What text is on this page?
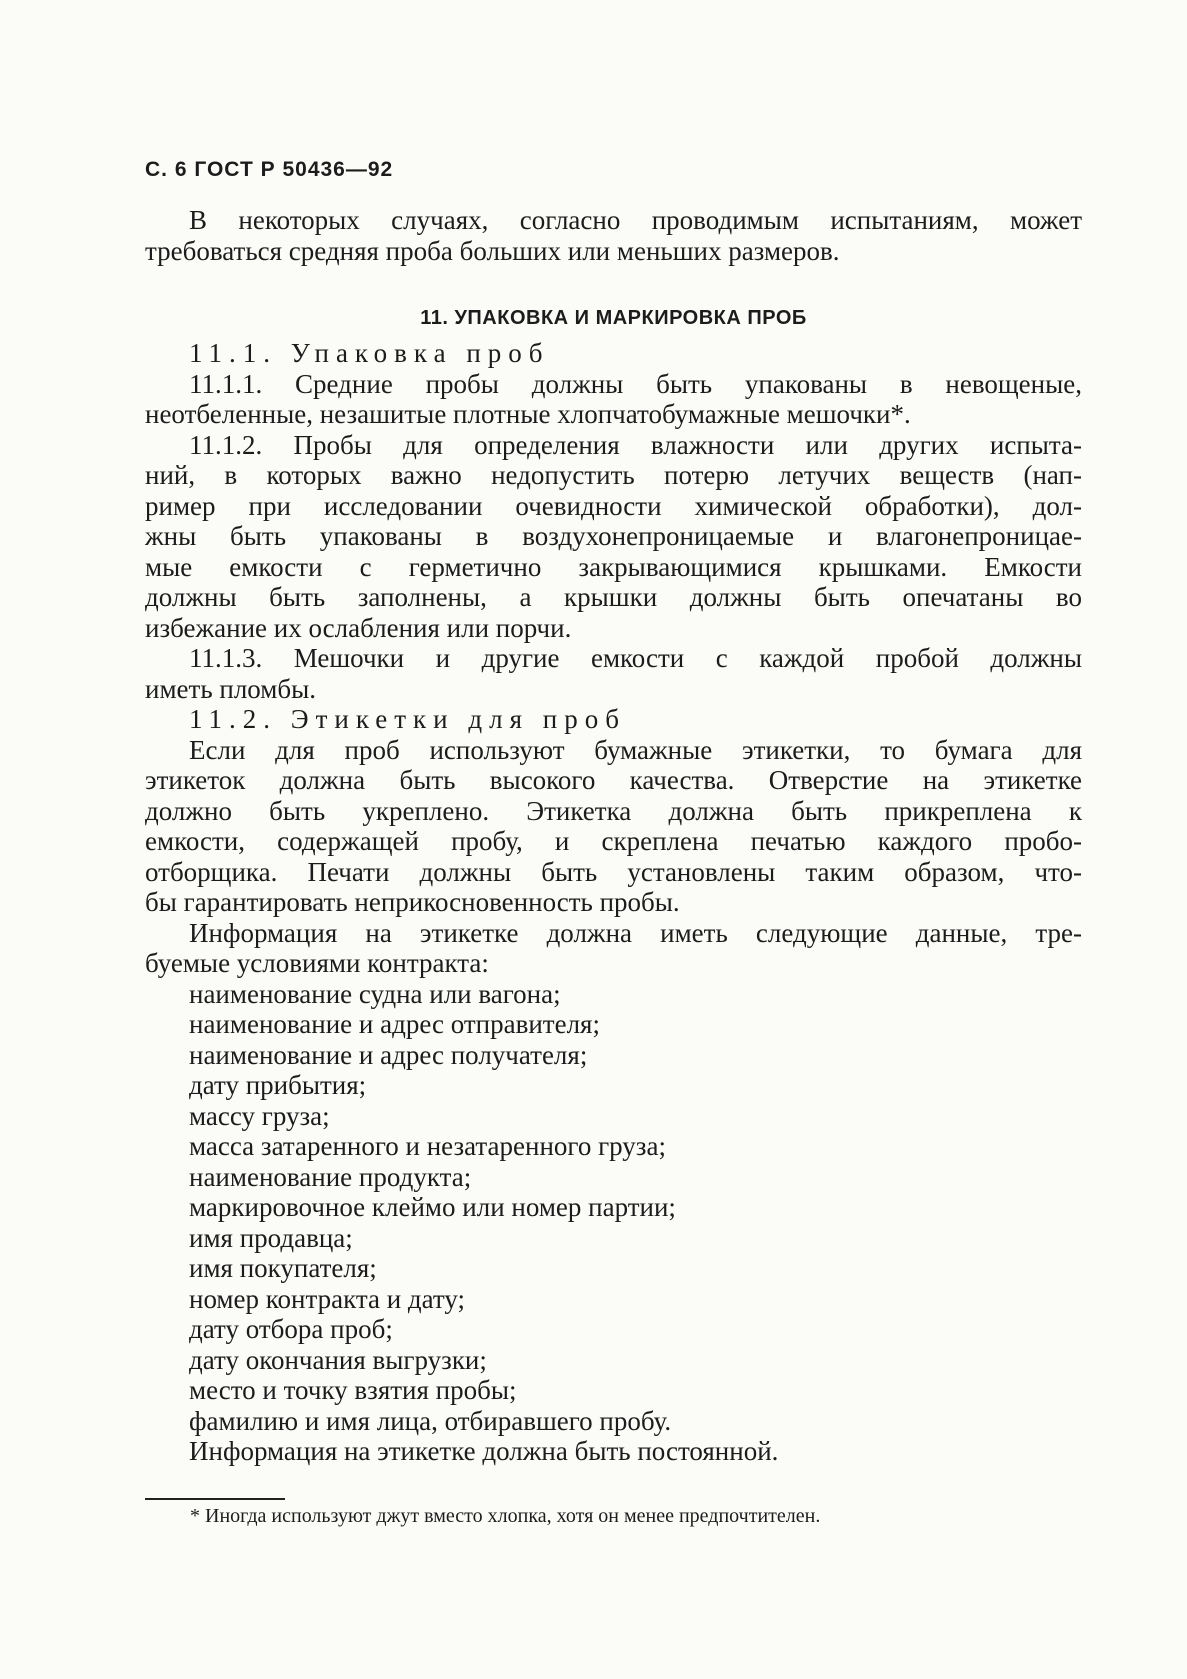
С. 6 ГОСТ Р 50436—92
В некоторых случаях, согласно проводимым испытаниям, может
требоваться средняя проба больших или меньших размеров.
11. УПАКОВКА И МАРКИРОВКА ПРОБ
11.1. Упаковка проб
11.1.1. Средние пробы должны быть упакованы в невощеные,
неотбеленные, незашитые плотные хлопчатобумажные мешочки*.
11.1.2. Пробы для определения влажности или других испыта-
ний, в которых важно недопустить потерю летучих веществ (нап-
ример при исследовании очевидности химической обработки), дол-
жны быть упакованы в воздухонепроницаемые и влагонепроницае-
мые емкости с герметично закрывающимися крышками. Емкости
должны быть заполнены, а крышки должны быть опечатаны во
избежание их ослабления или порчи.
11.1.3. Мешочки и другие емкости с каждой пробой должны
иметь пломбы.
11.2. Этикетки для проб
Если для проб используют бумажные этикетки, то бумага для
этикеток должна быть высокого качества. Отверстие на этикетке
должно быть укреплено. Этикетка должна быть прикреплена к
емкости, содержащей пробу, и скреплена печатью каждого пробо-
отборщика. Печати должны быть установлены таким образом, что-
бы гарантировать неприкосновенность пробы.
Информация на этикетке должна иметь следующие данные, тре-
буемые условиями контракта:
наименование судна или вагона;
наименование и адрес отправителя;
наименование и адрес получателя;
дату прибытия;
массу груза;
масса затаренного и незатаренного груза;
наименование продукта;
маркировочное клеймо или номер партии;
имя продавца;
имя покупателя;
номер контракта и дату;
дату отбора проб;
дату окончания выгрузки;
место и точку взятия пробы;
фамилию и имя лица, отбиравшего пробу.
Информация на этикетке должна быть постоянной.
* Иногда используют джут вместо хлопка, хотя он менее предпочтителен.
